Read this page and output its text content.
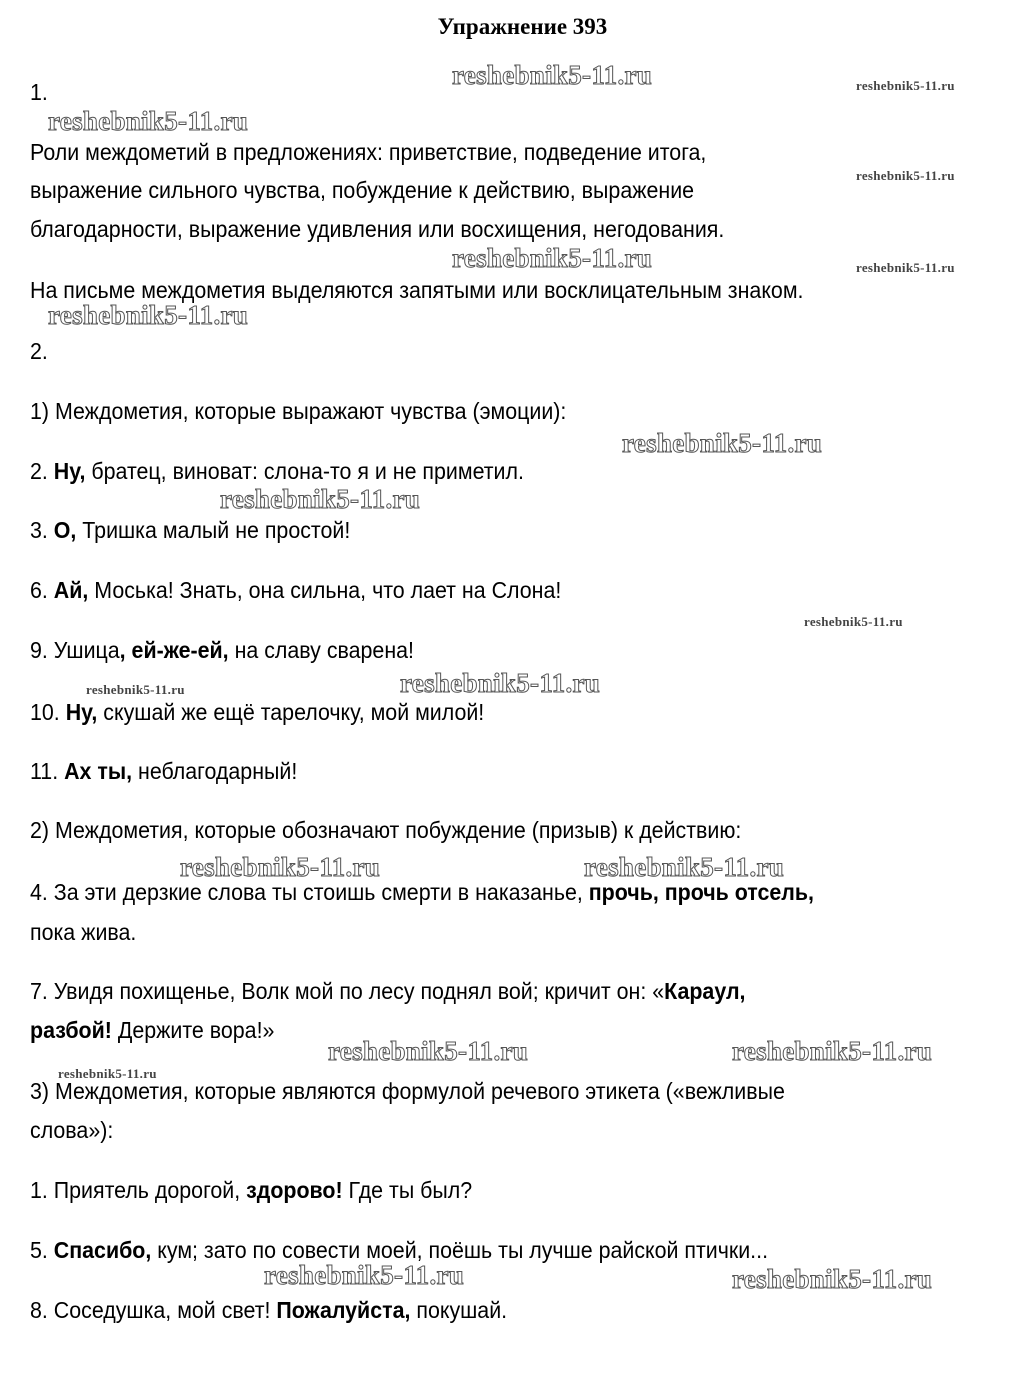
Упражнение 393
reshebnik5-11.ru	reshebnik5-11.ru
reshebnik5-11.ru
reshebnik5-11.ru
reshebnik5-11.ru	reshebnik5-11.ru
reshebnik5-11.ru
reshebnik5-11.ru
reshebnik5-11.ru
reshebnik5-11.ru
reshebnik5-11.ru	reshebnik5-11.ru
reshebnik5-11.ru	reshebnik5-11.ru
reshebnik5-11.ru
reshebnik5-11.ru	reshebnik5-11.ru
reshebnik5-11.ru	reshebnik5-11.ru
1.
Роли междометий в предложениях: приветствие, подведение итога,
выражение сильного чувства, побуждение к действию, выражение
благодарности, выражение удивления или восхищения, негодования.
На письме междометия выделяются запятыми или восклицательным знаком.
2.
1) Междометия, которые выражают чувства (эмоции):
2. Ну, братец, виноват: слона-то я и не приметил.
3. О, Тришка малый не простой!
6. Ай, Моська! Знать, она сильна, что лает на Слона!
9. Ушица, ей-же-ей, на славу сварена!
10. Ну, скушай же ещё тарелочку, мой милой!
11. Ах ты, неблагодарный!
2) Междометия, которые обозначают побуждение (призыв) к действию:
4. За эти дерзкие слова ты стоишь смерти в наказанье, прочь, прочь отсель,
пока жива.
7. Увидя похищенье, Волк мой по лесу поднял вой; кричит он: «Караул,
разбой! Держите вора!»
3) Междометия, которые являются формулой речевого этикета («вежливые
слова»):
1. Приятель дорогой, здорово! Где ты был?
5. Спасибо, кум; зато по совести моей, поёшь ты лучше райской птички...
8. Соседушка, мой свет! Пожалуйста, покушай.
